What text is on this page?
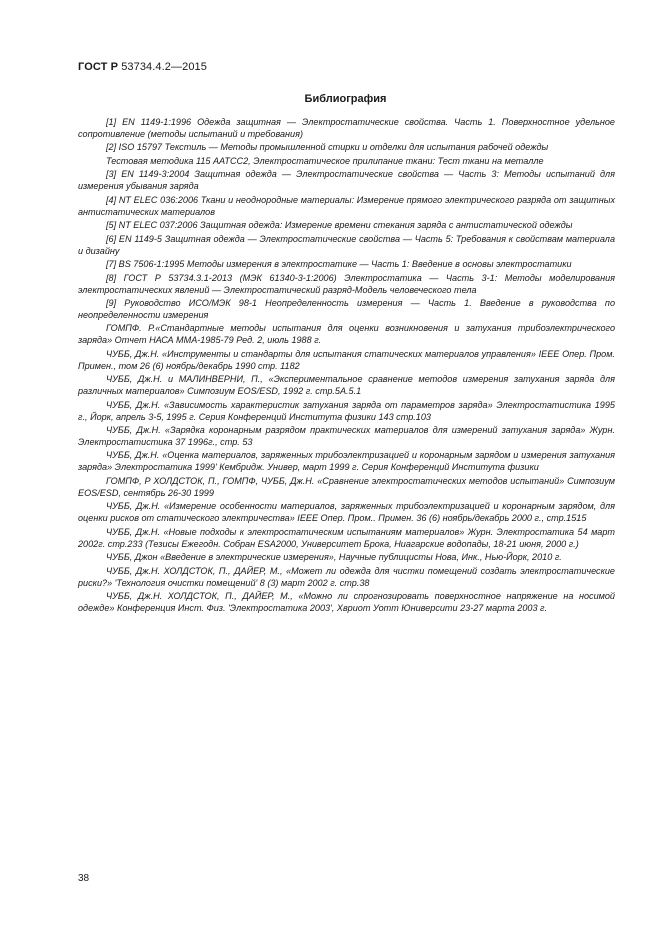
ГОСТ Р 53734.4.2—2015
Библиография

[1] EN 1149-1:1996 Одежда защитная — Электростатические свойства. Часть 1. Поверхностное удельное сопротивление (методы испытаний и требования)

[2] ISO 15797 Текстиль — Методы промышленной стирки и отделки для испытания рабочей одежды

Тестовая методика 115 AATCC2, Электростатическое прилипание ткани: Тест ткани на металле

[3] EN 1149-3:2004 Защитная одежда — Электростатические свойства — Часть 3: Методы испытаний для измерения убывания заряда

[4] NT ELEC 036:2006 Ткани и неоднородные материалы: Измерение прямого электрического разряда от защитных антистатических материалов

[5] NT ELEC 037:2006 Защитная одежда: Измерение времени стекания заряда с антистатической одежды

[6] EN 1149-5 Защитная одежда — Электростатические свойства — Часть 5: Требования к свойствам материала и дизайну

[7] BS 7506-1:1995 Методы измерения в электростатике — Часть 1: Введение в основы электростатики

[8] ГОСТ Р 53734.3.1-2013 (МЭК 61340-3-1:2006) Электростатика — Часть 3-1: Методы моделирования электростатических явлений — Электростатический разряд-Модель человеческого тела

[9] Руководство ИСО/МЭК 98-1 Неопределенность измерения — Часть 1. Введение в руководства по неопределенности измерения

ГОМПФ. Р.«Стандартные методы испытания для оценки возникновения и затухания трибоэлектрического заряда» Отчет НАСА ММА-1985-79 Ред. 2, июль 1988 г.

ЧУББ, Дж.Н. «Инструменты и стандарты для испытания статических материалов управления» IEEE Опер. Пром. Примен., том 26 (6) ноябрь/декабрь 1990 стр. 1182

ЧУББ, Дж.Н. и МАЛИНВЕРНИ, П., «Экспериментальное сравнение методов измерения затухания заряда для различных материалов» Симпозиум EOS/ESD, 1992 г. стр.5A.5.1

ЧУББ, Дж.Н. «Зависимость характеристик затухания заряда от параметров заряда» Электростатистика 1995 г., Йорк, апрель 3-5, 1995 г. Серия Конференций Института физики 143 стр.103

ЧУББ, Дж.Н. «Зарядка коронарным разрядом практических материалов для измерений затухания заряда» Журн. Электростатистика 37 1996г., стр. 53

ЧУББ, Дж.Н. «Оценка материалов, заряженных трибоэлектризацией и коронарным зарядом и измерения затухания заряда» Электростатика 1999' Кембридж. Универ, март 1999 г. Серия Конференций Института физики

ГОМПФ, Р ХОЛДСТОК, П., ГОМПФ, ЧУББ, Дж.Н. «Сравнение электростатических методов испытаний» Симпозиум EOS/ESD, сентябрь 26-30 1999

ЧУББ, Дж.Н. «Измерение особенности материалов, заряженных трибоэлектризацией и коронарным зарядом, для оценки рисков от статического электричества» IEEE Опер. Пром.. Примен. 36 (6) ноябрь/декабрь 2000 г., стр.1515

ЧУББ, Дж.Н. «Новые подходы к электростатическим испытаниям материалов» Журн. Электростатика 54 март 2002г. стр.233 (Тезисы Ежегодн. Собран ESA2000, Университет Брока, Ниагарские водопады, 18-21 июня, 2000 г.)

ЧУББ, Джон «Введение в электрические измерения», Научные публицисты Нова, Инк., Нью-Йорк, 2010 г.

ЧУББ, Дж.Н. ХОЛДСТОК, П., ДАЙЕР, М., «Может ли одежда для чистки помещений создать электростатические риски?» 'Технология очистки помещений' 8 (3) март 2002 г. стр.38

ЧУББ, Дж.Н. ХОЛДСТОК, П., ДАЙЕР, М., «Можно ли спрогнозировать поверхностное напряжение на носимой одежде» Конференция Инст. Физ. 'Электростатика 2003', Хвриот Уотт Юниверсити 23-27 марта 2003 г.

38
